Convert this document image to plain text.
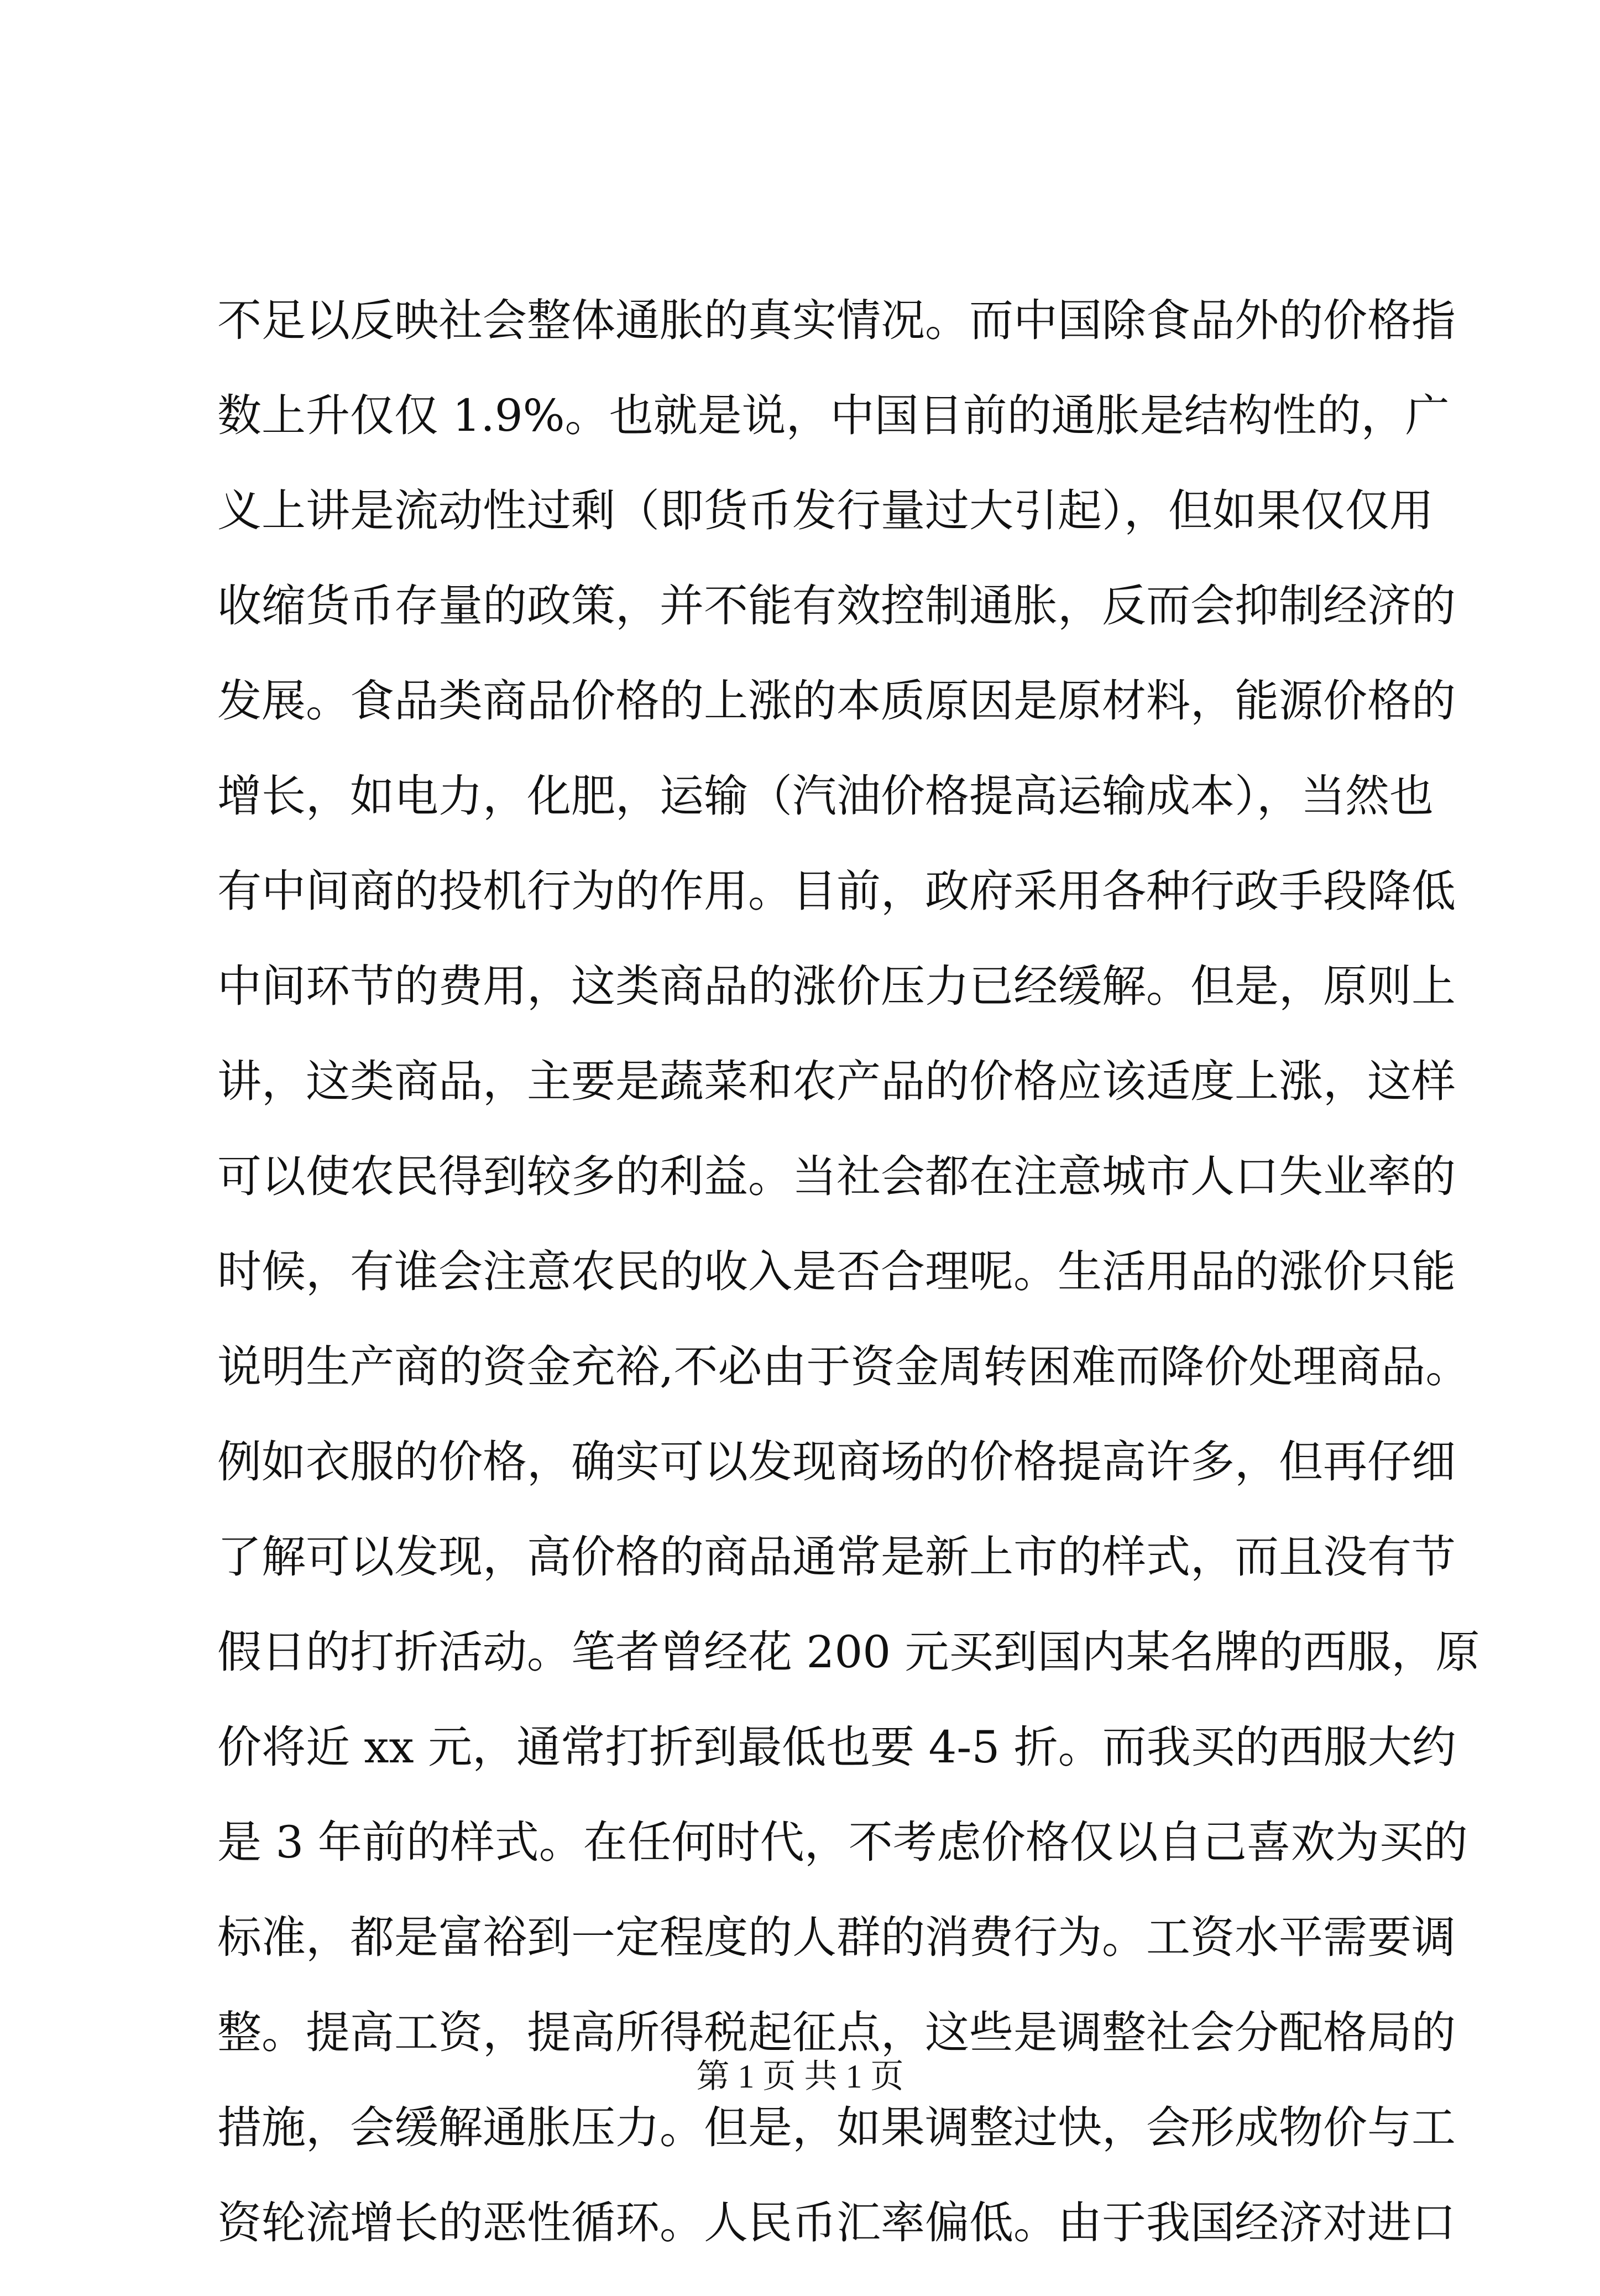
不足以反映社会整体通胀的真实情况。而中国除食品外的价格指
数上升仅仅 1.9%。也就是说，中国目前的通胀是结构性的，广
义上讲是流动性过剩（即货币发行量过大引起），但如果仅仅用
收缩货币存量的政策，并不能有效控制通胀，反而会抑制经济的
发展。食品类商品价格的上涨的本质原因是原材料，能源价格的
增长，如电力，化肥，运输（汽油价格提高运输成本），当然也
有中间商的投机行为的作用。目前，政府采用各种行政手段降低
中间环节的费用，这类商品的涨价压力已经缓解。但是，原则上
讲，这类商品，主要是蔬菜和农产品的价格应该适度上涨，这样
可以使农民得到较多的利益。当社会都在注意城市人口失业率的
时候，有谁会注意农民的收入是否合理呢。生活用品的涨价只能
说明生产商的资金充裕,不必由于资金周转困难而降价处理商品。
例如衣服的价格，确实可以发现商场的价格提高许多，但再仔细
了解可以发现，高价格的商品通常是新上市的样式，而且没有节
假日的打折活动。笔者曾经花 200 元买到国内某名牌的西服，原
价将近 xx 元，通常打折到最低也要 4-5 折。而我买的西服大约
是 3 年前的样式。在任何时代，不考虑价格仅以自己喜欢为买的
标准，都是富裕到一定程度的人群的消费行为。工资水平需要调
整。提高工资，提高所得税起征点，这些是调整社会分配格局的
措施，会缓解通胀压力。但是，如果调整过快，会形成物价与工
资轮流增长的恶性循环。人民币汇率偏低。由于我国经济对进口
第 1 页 共 1 页
